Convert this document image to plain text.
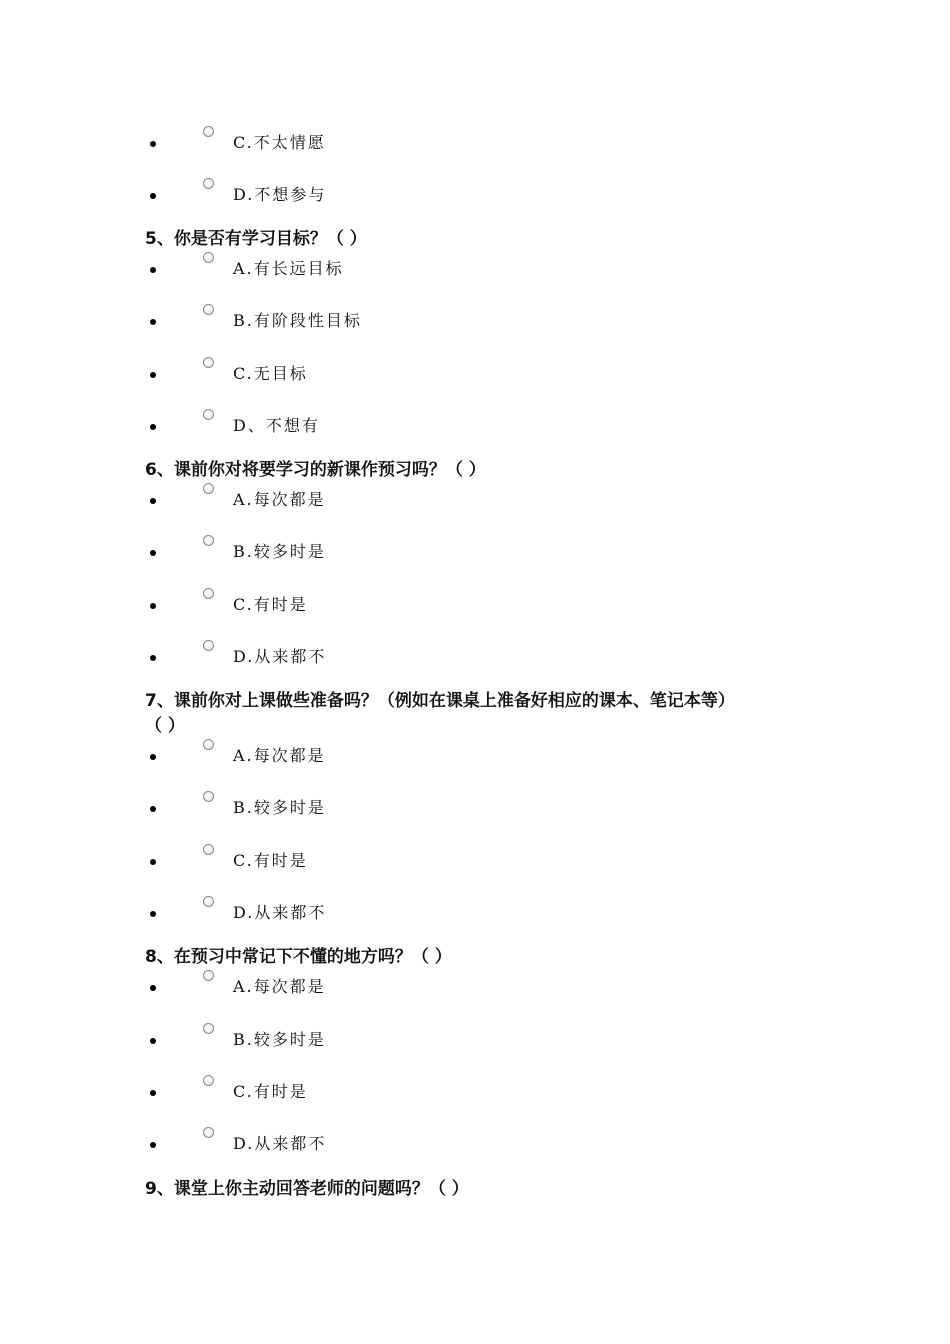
C.不太情愿
D.不想参与
5、你是否有学习目标？（ ）
A.有长远目标
B.有阶段性目标
C.无目标
D、不想有
6、课前你对将要学习的新课作预习吗？（ ）
A.每次都是
B.较多时是
C.有时是
D.从来都不
7、课前你对上课做些准备吗？（例如在课桌上准备好相应的课本、笔记本等）
（ ）
A.每次都是
B.较多时是
C.有时是
D.从来都不
8、在预习中常记下不懂的地方吗？（ ）
A.每次都是
B.较多时是
C.有时是
D.从来都不
9、课堂上你主动回答老师的问题吗？（ ）
